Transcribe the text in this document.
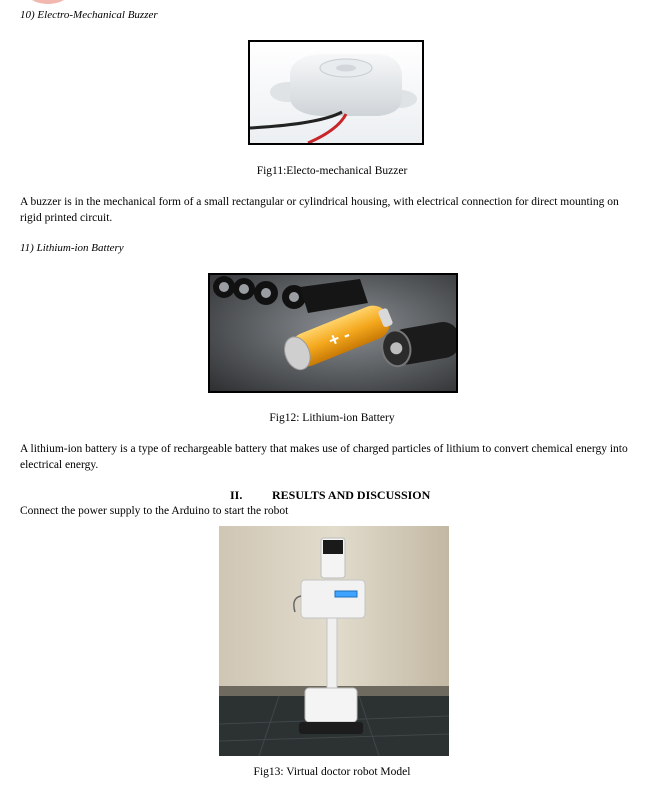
10) Electro-Mechanical Buzzer
Fig11:Electo-mechanical Buzzer
A buzzer is in the mechanical form of a small rectangular or cylindrical housing, with electrical connection for direct mounting on
rigid printed circuit.
11) Lithium-ion Battery
+ -
Fig12: Lithium-ion Battery
A lithium-ion battery is a type of rechargeable battery that makes use of charged particles of lithium to convert chemical energy into
electrical energy.
II. RESULTS AND DISCUSSION
Connect the power supply to the Arduino to start the robot
Fig13: Virtual doctor robot Model
